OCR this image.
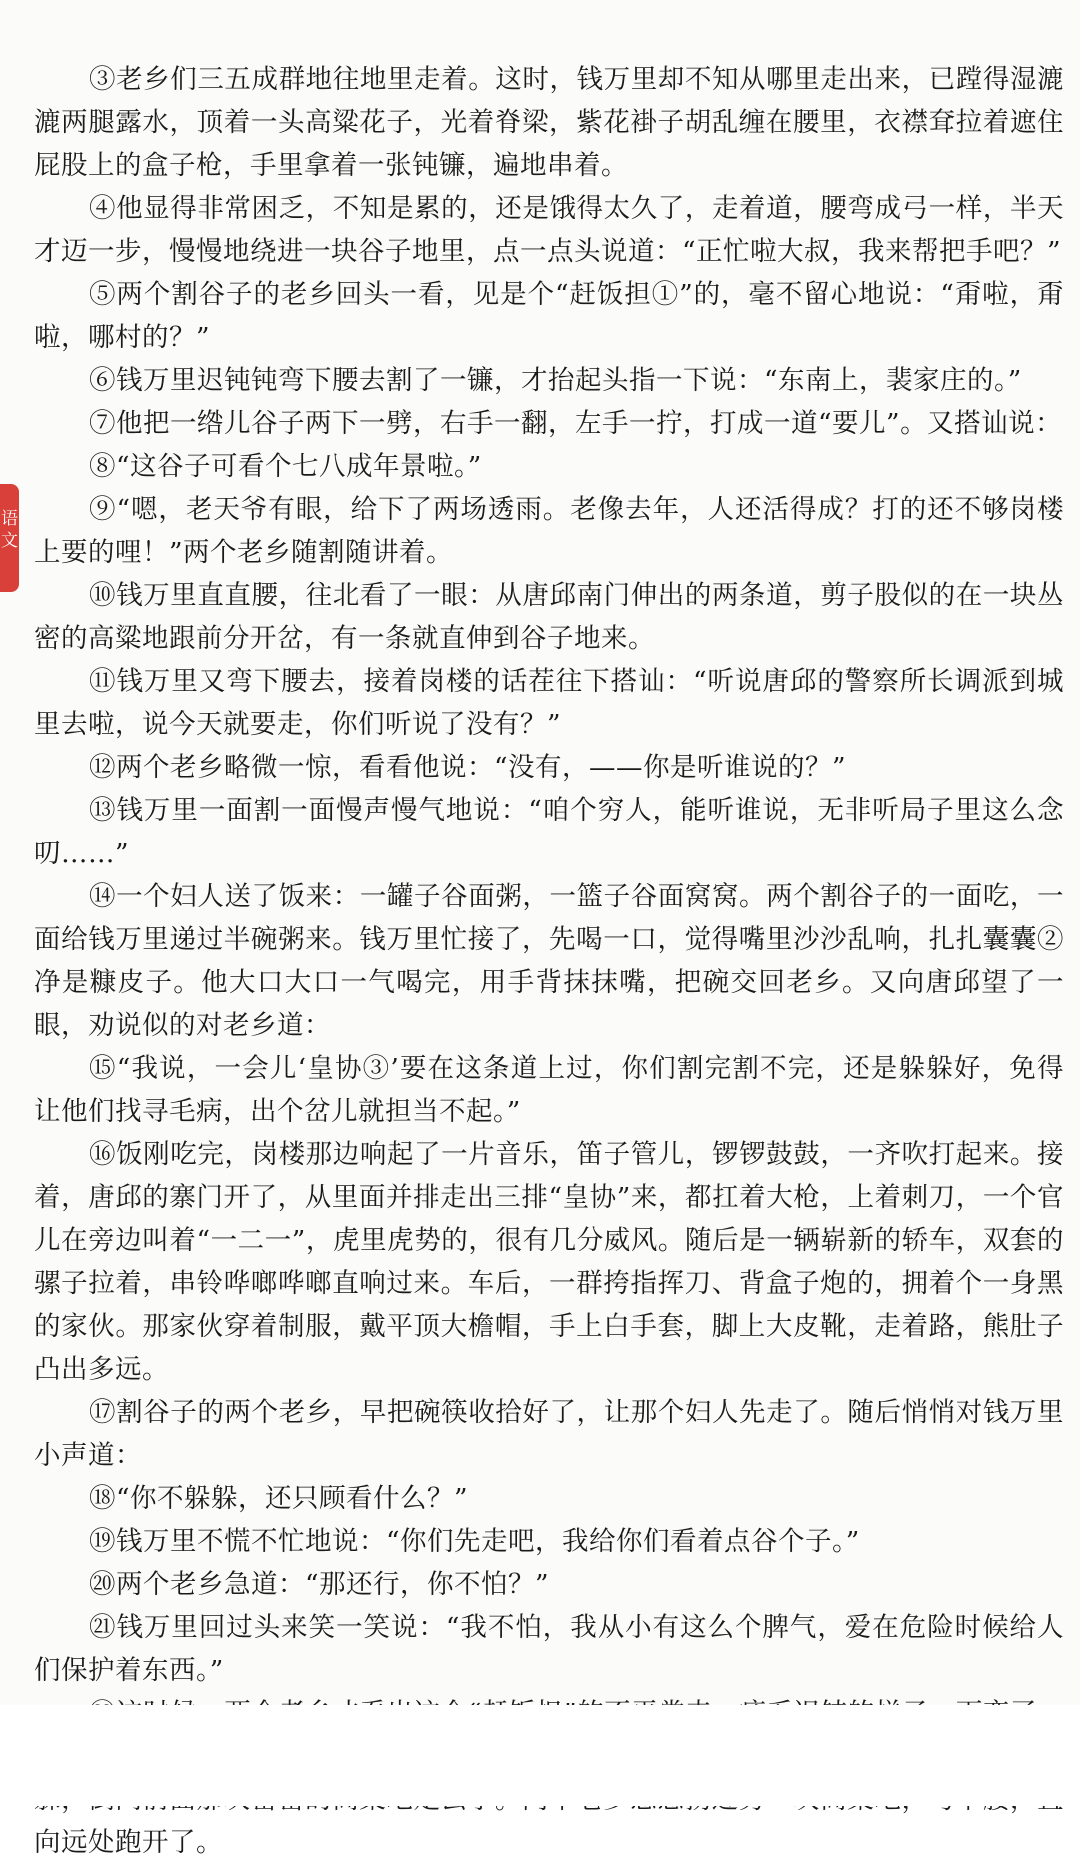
语文

③老乡们三五成群地往地里走着。这时，钱万里却不知从哪里走出来，已蹚得湿漉漉两腿露水，顶着一头高粱花子，光着脊梁，紫花褂子胡乱缠在腰里，衣襟耷拉着遮住屁股上的盒子枪，手里拿着一张钝镰，遍地串着。

④他显得非常困乏，不知是累的，还是饿得太久了，走着道，腰弯成弓一样，半天才迈一步，慢慢地绕进一块谷子地里，点一点头说道：“正忙啦大叔，我来帮把手吧？”

⑤两个割谷子的老乡回头一看，见是个“赶饭担①”的，毫不留心地说：“甭啦，甭啦，哪村的？”

⑥钱万里迟钝钝弯下腰去割了一镰，才抬起头指一下说：“东南上，裴家庄的。”

⑦他把一绺儿谷子两下一劈，右手一翻，左手一拧，打成一道“要儿”。又搭讪说：

⑧“这谷子可看个七八成年景啦。”

⑨“嗯，老天爷有眼，给下了两场透雨。老像去年，人还活得成？打的还不够岗楼上要的哩！”两个老乡随割随讲着。

⑩钱万里直直腰，往北看了一眼：从唐邱南门伸出的两条道，剪子股似的在一块丛密的高粱地跟前分开岔，有一条就直伸到谷子地来。

⑪钱万里又弯下腰去，接着岗楼的话茬往下搭讪：“听说唐邱的警察所长调派到城里去啦，说今天就要走，你们听说了没有？”

⑫两个老乡略微一惊，看看他说：“没有，——你是听谁说的？”

⑬钱万里一面割一面慢声慢气地说：“咱个穷人，能听谁说，无非听局子里这么念叨……”

⑭一个妇人送了饭来：一罐子谷面粥，一篮子谷面窝窝。两个割谷子的一面吃，一面给钱万里递过半碗粥来。钱万里忙接了，先喝一口，觉得嘴里沙沙乱响，扎扎囊囊②净是糠皮子。他大口大口一气喝完，用手背抹抹嘴，把碗交回老乡。又向唐邱望了一眼，劝说似的对老乡道：

⑮“我说，一会儿‘皇协③’要在这条道上过，你们割完割不完，还是躲躲好，免得让他们找寻毛病，出个岔儿就担当不起。”

⑯饭刚吃完，岗楼那边响起了一片音乐，笛子管儿，锣锣鼓鼓，一齐吹打起来。接着，唐邱的寨门开了，从里面并排走出三排“皇协”来，都扛着大枪，上着刺刀，一个官儿在旁边叫着“一二一”，虎里虎势的，很有几分威风。随后是一辆崭新的轿车，双套的骡子拉着，串铃哗啷哗啷直响过来。车后，一群挎指挥刀、背盒子炮的，拥着个一身黑的家伙。那家伙穿着制服，戴平顶大檐帽，手上白手套，脚上大皮靴，走着路，熊肚子凸出多远。

⑰割谷子的两个老乡，早把碗筷收拾好了，让那个妇人先走了。随后悄悄对钱万里小声道：

⑱“你不躲躲，还只顾看什么？”

⑲钱万里不慌不忙地说：“你们先走吧，我给你们看着点谷个子。”

⑳两个老乡急道：“那还行，你不怕？”

㉑钱万里回过头来笑一笑说：“我不怕，我从小有这么个脾气，爱在危险时候给人们保护着东西。”

向远处跑开了。
